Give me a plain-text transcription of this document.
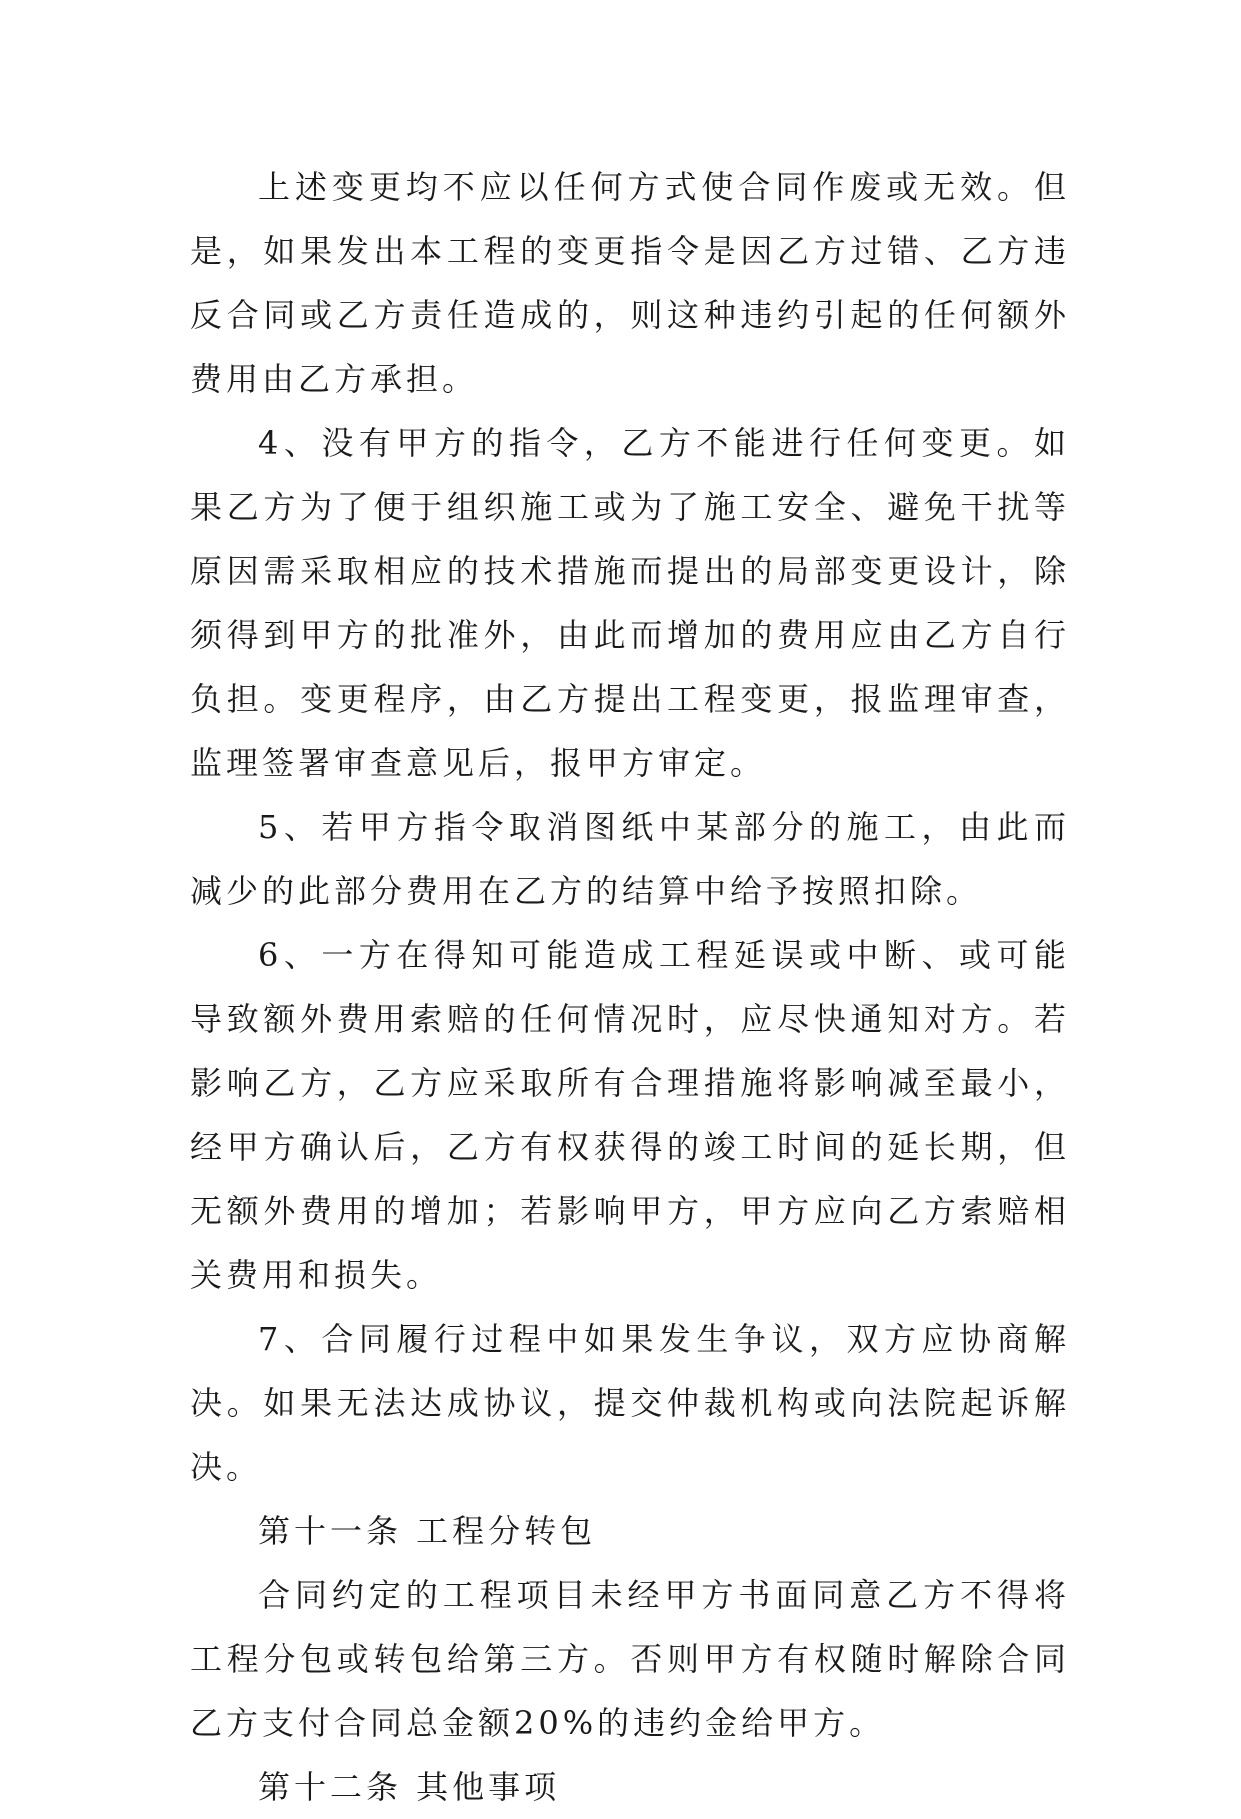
上述变更均不应以任何方式使合同作废或无效。但是，如果发出本工程的变更指令是因乙方过错、乙方违反合同或乙方责任造成的，则这种违约引起的任何额外费用由乙方承担。

4、没有甲方的指令，乙方不能进行任何变更。如果乙方为了便于组织施工或为了施工安全、避免干扰等原因需采取相应的技术措施而提出的局部变更设计，除须得到甲方的批准外，由此而增加的费用应由乙方自行负担。变更程序，由乙方提出工程变更，报监理审查，监理签署审查意见后，报甲方审定。

5、若甲方指令取消图纸中某部分的施工，由此而减少的此部分费用在乙方的结算中给予按照扣除。

6、一方在得知可能造成工程延误或中断、或可能导致额外费用索赔的任何情况时，应尽快通知对方。若影响乙方，乙方应采取所有合理措施将影响减至最小，经甲方确认后，乙方有权获得的竣工时间的延长期，但无额外费用的增加；若影响甲方，甲方应向乙方索赔相关费用和损失。

7、合同履行过程中如果发生争议，双方应协商解决。如果无法达成协议，提交仲裁机构或向法院起诉解决。

第十一条 工程分转包

合同约定的工程项目未经甲方书面同意乙方不得将工程分包或转包给第三方。否则甲方有权随时解除合同乙方支付合同总金额20%的违约金给甲方。

第十二条 其他事项
